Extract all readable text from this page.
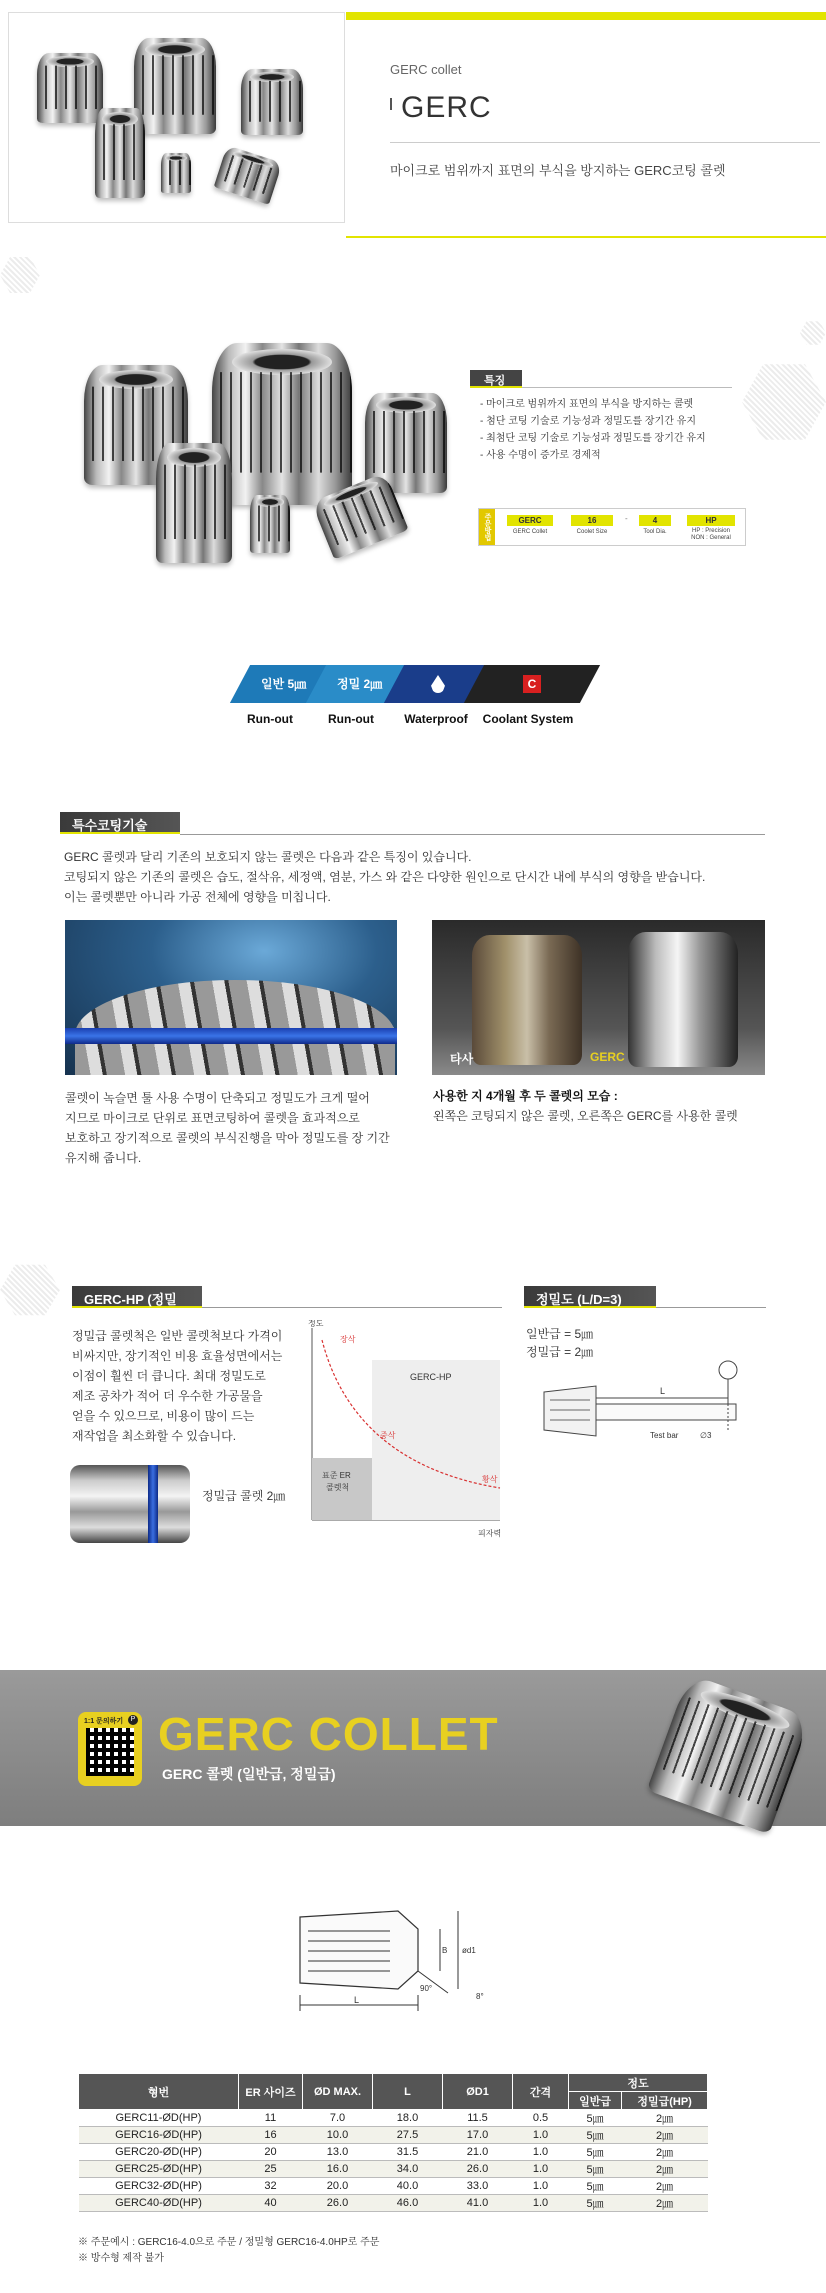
GERC collet
GERC
마이크로 범위까지 표면의 부식을 방지하는 GERC코팅 콜렛
특징
- 마이크로 범위까지 표면의 부식을 방지하는 콜렛
- 첨단 코팅 기술로 기능성과 정밀도를 장기간 유지
- 최첨단 코팅 기술로 기능성과 정밀도를 장기간 유지
- 사용 수명이 증가로 경제적
주문방법	GERC	16	-	4	HP
GERC Collet	Coolet Size	Tool Dia.	HP : Precision
NON : General
일반 5㎛	정밀 2㎛	C
Run-out	Run-out	Waterproof	Coolant System
특수코팅기술
GERC 콜렛과 달리 기존의 보호되지 않는 콜렛은 다음과 같은 특징이 있습니다.
코팅되지 않은 기존의 콜렛은 습도, 절삭유, 세정액, 염분, 가스 와 같은 다양한 원인으로 단시간 내에 부식의 영향을 받습니다.
이는 콜렛뿐만 아니라 가공 전체에 영향을 미칩니다.
타사	GERC
콜렛이 녹슬면 툴 사용 수명이 단축되고 정밀도가 크게 떨어
지므로 마이크로 단위로 표면코팅하여 콜렛을 효과적으로
보호하고 장기적으로 콜렛의 부식진행을 막아 정밀도를 장 기간
유지해 줍니다.
사용한 지 4개월 후 두 콜렛의 모습 :
왼쪽은 코팅되지 않은 콜렛, 오른쪽은 GERC를 사용한 콜렛
GERC-HP (정밀형)
정밀급 콜렛척은 일반 콜렛척보다 가격이
비싸지만, 장기적인 비용 효율성면에서는
이점이 훨씬 더 큽니다. 최대 정밀도로
제조 공차가 적어 더 우수한 가공물을
얻을 수 있으므로, 비용이 많이 드는
재작업을 최소화할 수 있습니다.
정밀급 콜렛 2㎛
정도
피자력
장삭
중삭
황삭
GERC-HP
표준 ER
콜렛척
정밀도 (L/D=3)
일반급 = 5㎛
정밀급 = 2㎛
L
Test bar	∅3
1:1 문의하기	P GERC COLLET
GERC 콜렛 (일반급, 정밀급)
L
B ød1
90°
8°
형번	ER 사이즈	ØD MAX.	L	ØD1	간격	정도	
						일반급	정밀급(HP)
GERC11-ØD(HP)	11	7.0	18.0	11.5	0.5	5㎛	2㎛
GERC16-ØD(HP)	16	10.0	27.5	17.0	1.0	5㎛	2㎛
GERC20-ØD(HP)	20	13.0	31.5	21.0	1.0	5㎛	2㎛
GERC25-ØD(HP)	25	16.0	34.0	26.0	1.0	5㎛	2㎛
GERC32-ØD(HP)	32	20.0	40.0	33.0	1.0	5㎛	2㎛
GERC40-ØD(HP)	40	26.0	46.0	41.0	1.0	5㎛	2㎛
※ 주문예시 : GERC16-4.0으로 주문 / 정밀형 GERC16-4.0HP로 주문
※ 방수형 제작 불가
